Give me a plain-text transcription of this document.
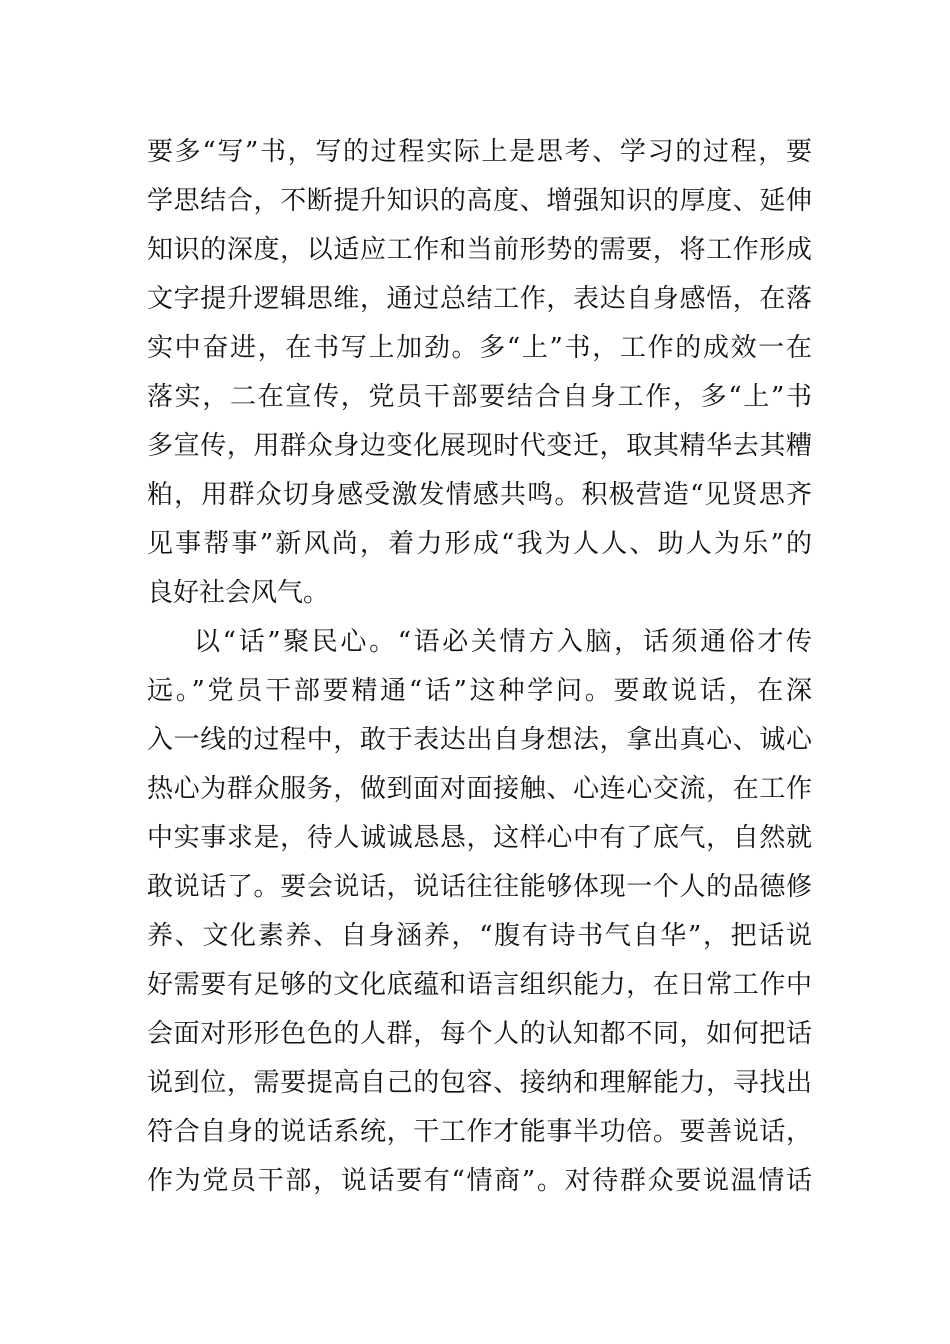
要多“写”书，写的过程实际上是思考、学习的过程，要
学思结合，不断提升知识的高度、增强知识的厚度、延伸
知识的深度，以适应工作和当前形势的需要，将工作形成
文字提升逻辑思维，通过总结工作，表达自身感悟，在落
实中奋进，在书写上加劲。多“上”书，工作的成效一在
落实，二在宣传，党员干部要结合自身工作，多“上”书
多宣传，用群众身边变化展现时代变迁，取其精华去其糟
粕，用群众切身感受激发情感共鸣。积极营造“见贤思齐
见事帮事”新风尚，着力形成“我为人人、助人为乐”的
良好社会风气。
以“话”聚民心。“语必关情方入脑，话须通俗才传
远。”党员干部要精通“话”这种学问。要敢说话，在深
入一线的过程中，敢于表达出自身想法，拿出真心、诚心
热心为群众服务，做到面对面接触、心连心交流，在工作
中实事求是，待人诚诚恳恳，这样心中有了底气，自然就
敢说话了。要会说话，说话往往能够体现一个人的品德修
养、文化素养、自身涵养，“腹有诗书气自华”，把话说
好需要有足够的文化底蕴和语言组织能力，在日常工作中
会面对形形色色的人群，每个人的认知都不同，如何把话
说到位，需要提高自己的包容、接纳和理解能力，寻找出
符合自身的说话系统，干工作才能事半功倍。要善说话，
作为党员干部，说话要有“情商”。对待群众要说温情话
